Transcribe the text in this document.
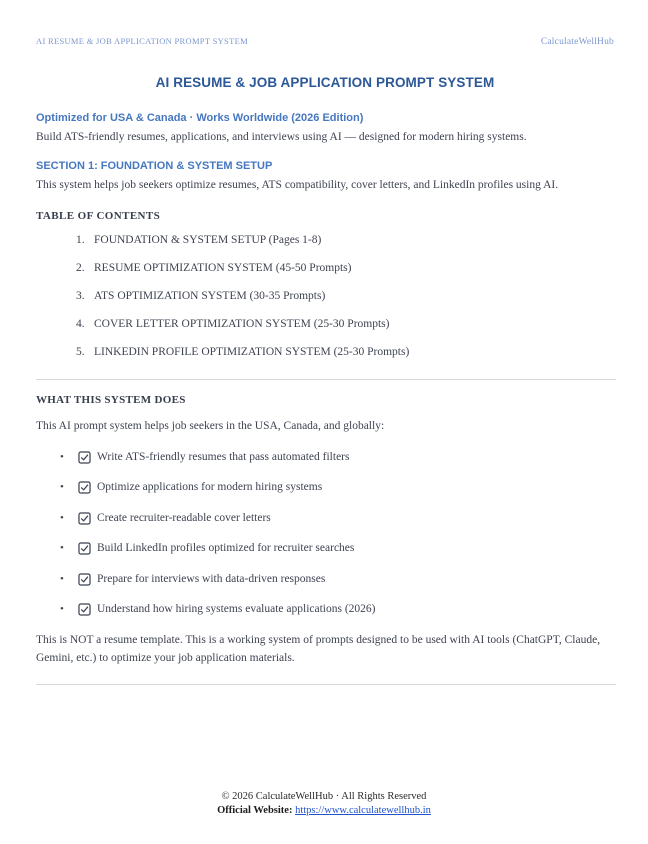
AI RESUME & JOB APPLICATION PROMPT SYSTEM	CalculateWellHub
AI RESUME & JOB APPLICATION PROMPT SYSTEM
Optimized for USA & Canada · Works Worldwide (2026 Edition)

Build ATS-friendly resumes, applications, and interviews using AI — designed for modern hiring systems.

SECTION 1: FOUNDATION & SYSTEM SETUP

This system helps job seekers optimize resumes, ATS compatibility, cover letters, and LinkedIn profiles using AI.

TABLE OF CONTENTS
FOUNDATION & SYSTEM SETUP (Pages 1-8)
RESUME OPTIMIZATION SYSTEM (45-50 Prompts)
ATS OPTIMIZATION SYSTEM (30-35 Prompts)
COVER LETTER OPTIMIZATION SYSTEM (25-30 Prompts)
LINKEDIN PROFILE OPTIMIZATION SYSTEM (25-30 Prompts)
WHAT THIS SYSTEM DOES

This AI prompt system helps job seekers in the USA, Canada, and globally:

•
Write ATS-friendly resumes that pass automated filters
•
Optimize applications for modern hiring systems
•
Create recruiter-readable cover letters
•
Build LinkedIn profiles optimized for recruiter searches
•
Prepare for interviews with data-driven responses
•
Understand how hiring systems evaluate applications (2026)

This is NOT a resume template. This is a working system of prompts designed to be used with AI tools (ChatGPT, Claude, Gemini, etc.) to optimize your job application materials.

© 2026 CalculateWellHub · All Rights Reserved
Official Website: https://www.calculatewellhub.in
